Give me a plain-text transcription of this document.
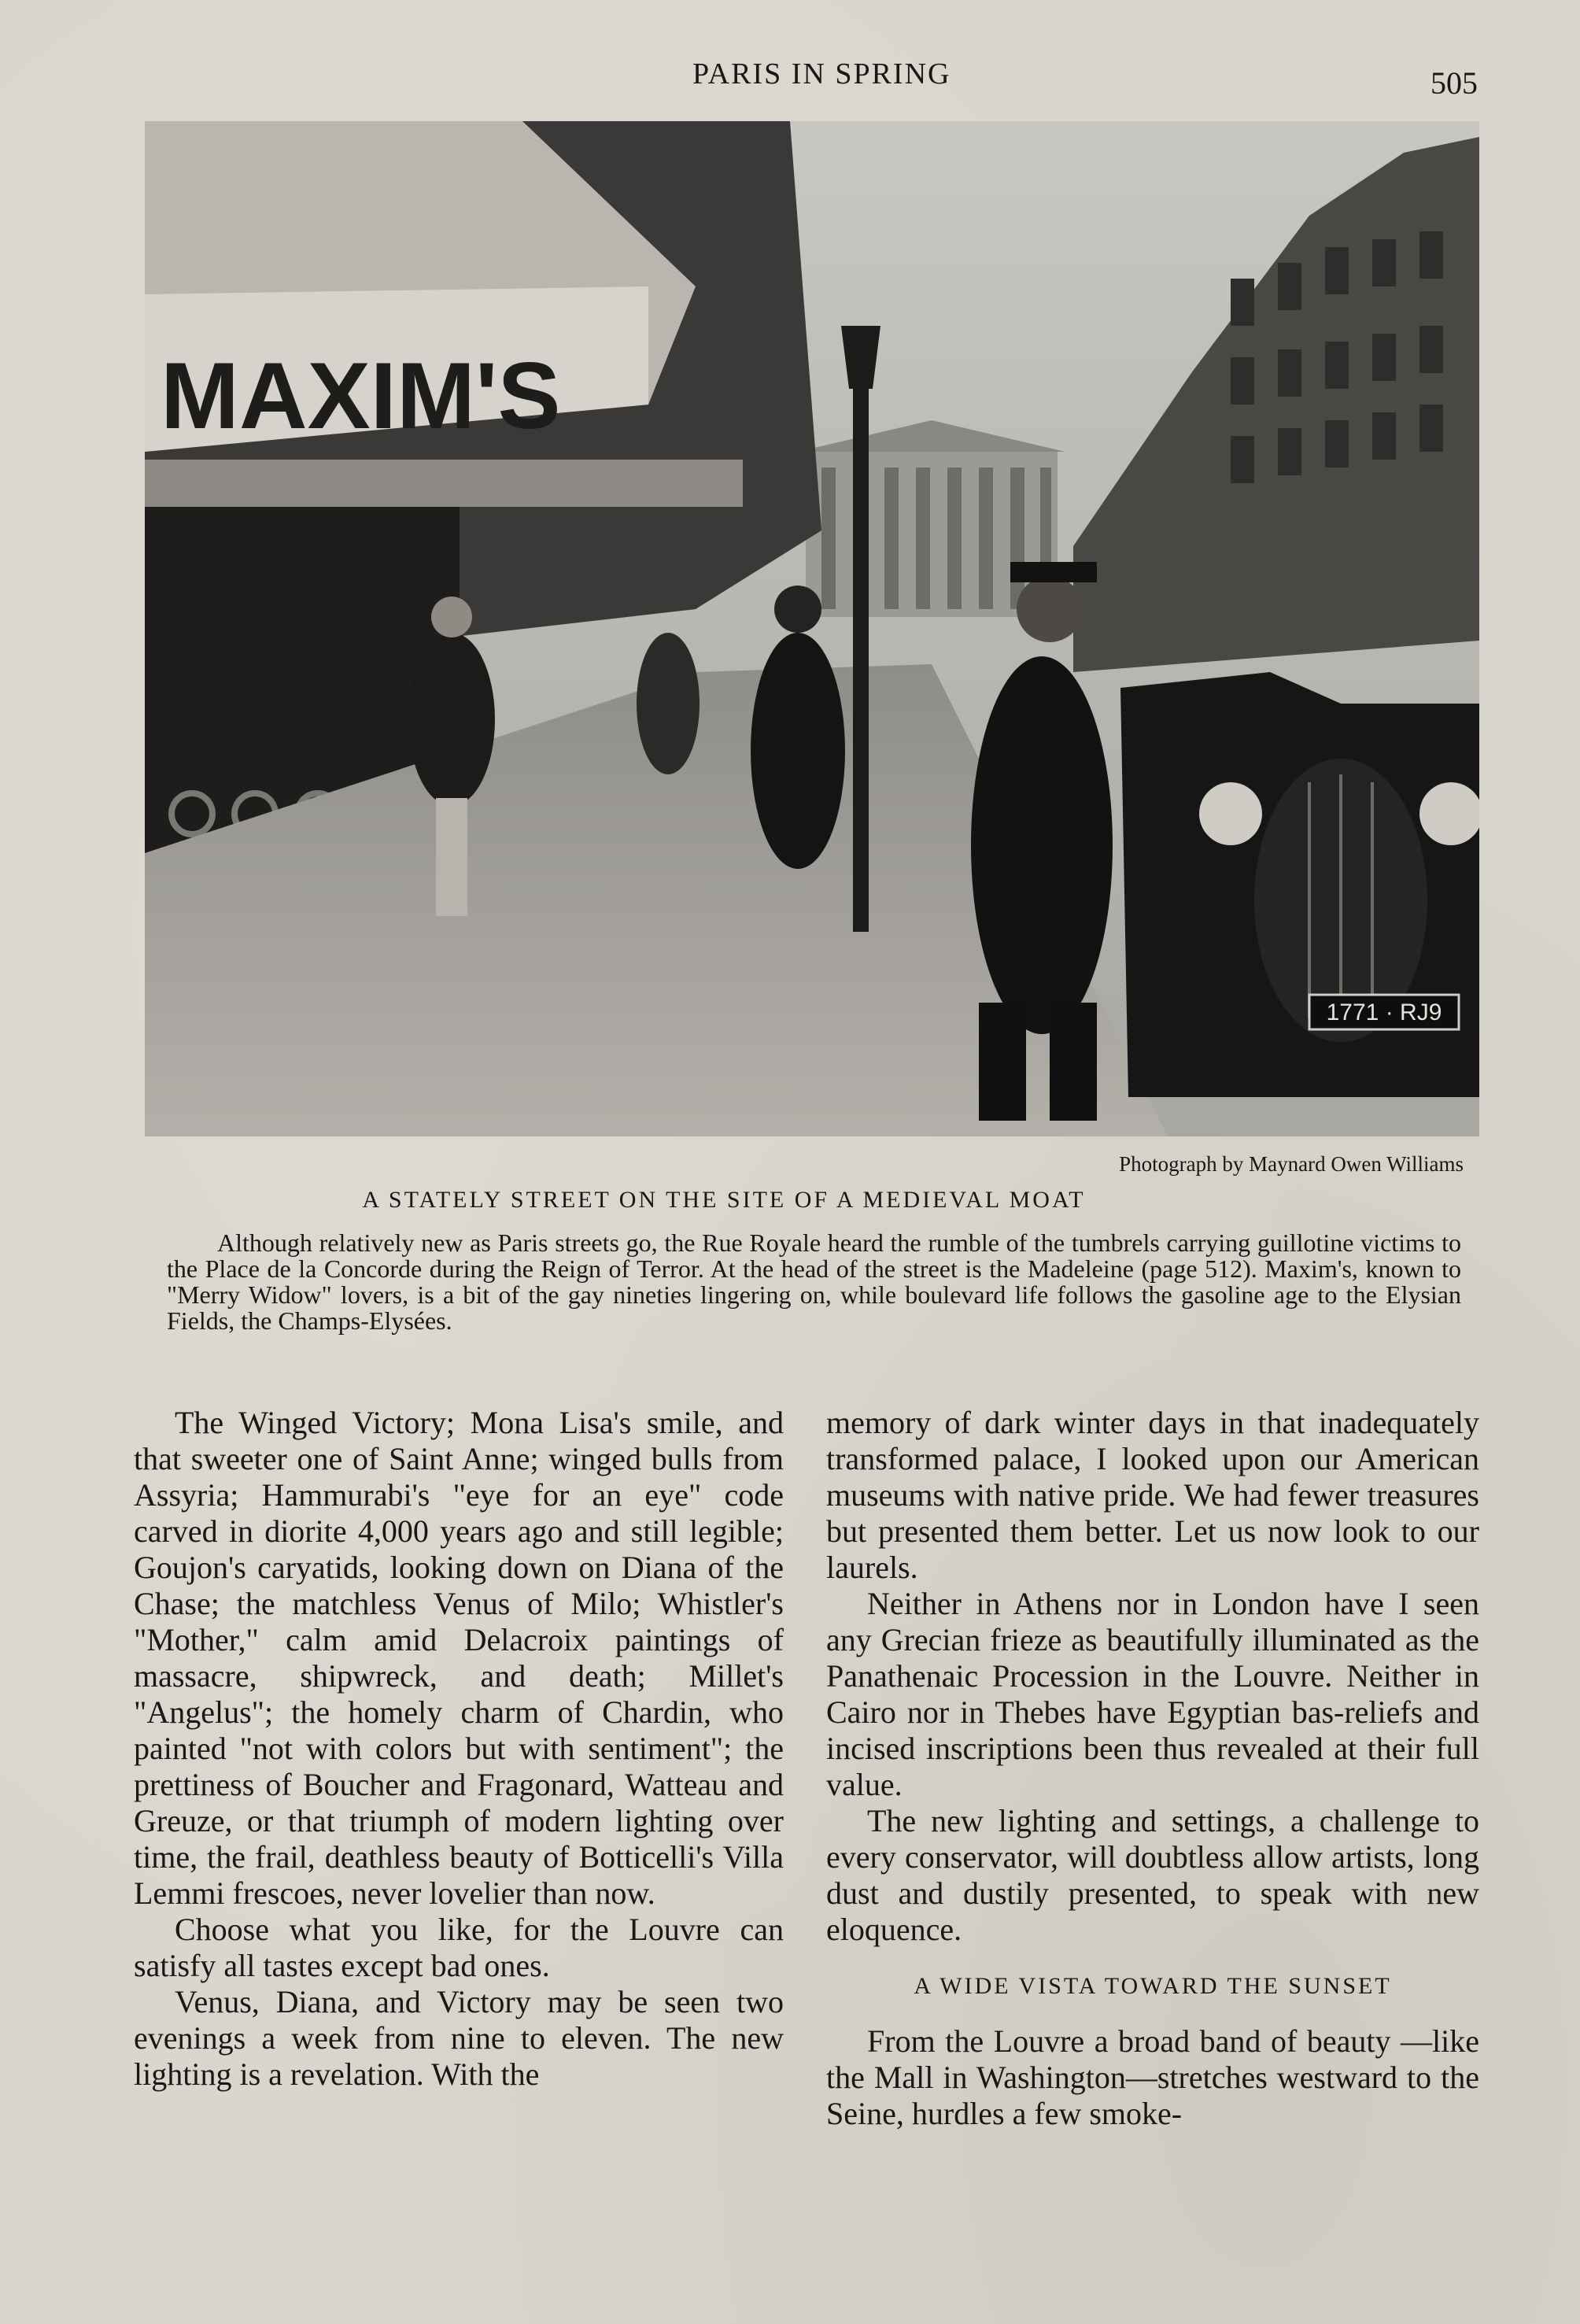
PARIS IN SPRING	505
MAXIM'S
1771 · RJ9
Photograph by Maynard Owen Williams
A STATELY STREET ON THE SITE OF A MEDIEVAL MOAT
Although relatively new as Paris streets go, the Rue Royale heard the rumble of the tumbrels carrying guillotine victims to the Place de la Concorde during the Reign of Terror. At the head of the street is the Madeleine (page 512). Maxim's, known to "Merry Widow" lovers, is a bit of the gay nineties lingering on, while boulevard life follows the gasoline age to the Elysian Fields, the Champs-Elysées.

The Winged Victory; Mona Lisa's smile, and that sweeter one of Saint Anne; winged bulls from Assyria; Hammurabi's "eye for an eye" code carved in diorite 4,000 years ago and still legible; Goujon's caryatids, looking down on Diana of the Chase; the matchless Venus of Milo; Whistler's "Mother," calm amid Delacroix paintings of massacre, shipwreck, and death; Millet's "Angelus"; the homely charm of Chardin, who painted "not with colors but with sentiment"; the prettiness of Boucher and Fragonard, Watteau and Greuze, or that triumph of modern lighting over time, the frail, deathless beauty of Botticelli's Villa Lemmi frescoes, never lovelier than now.

Choose what you like, for the Louvre can satisfy all tastes except bad ones.

Venus, Diana, and Victory may be seen two evenings a week from nine to eleven. The new lighting is a revelation. With the

memory of dark winter days in that inadequately transformed palace, I looked upon our American museums with native pride. We had fewer treasures but presented them better. Let us now look to our laurels.

Neither in Athens nor in London have I seen any Grecian frieze as beautifully illuminated as the Panathenaic Procession in the Louvre. Neither in Cairo nor in Thebes have Egyptian bas-reliefs and incised inscriptions been thus revealed at their full value.

The new lighting and settings, a challenge to every conservator, will doubtless allow artists, long dust and dustily presented, to speak with new eloquence.

A WIDE VISTA TOWARD THE SUNSET

From the Louvre a broad band of beauty —like the Mall in Washington—stretches westward to the Seine, hurdles a few smoke-
